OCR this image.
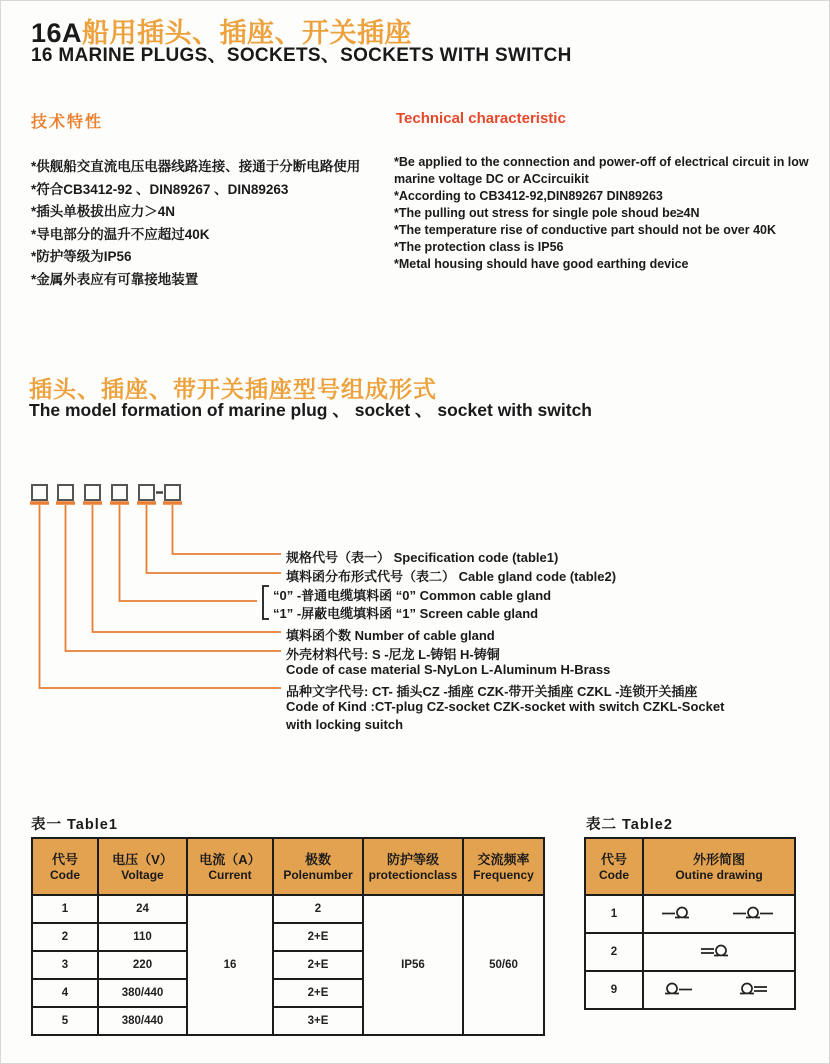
16A船用插头、插座、开关插座
16 MARINE PLUGS、SOCKETS、SOCKETS WITH SWITCH
技术特性	Technical characteristic
*供舰船交直流电压电器线路连接、接通于分断电路使用
*符合CB3412-92 、DIN89267 、DIN89263
*插头单极拔出应力＞4N
*导电部分的温升不应超过40K
*防护等级为IP56
*金属外表应有可靠接地装置
*Be applied to the connection and power-off of electrical circuit in low marine voltage DC or ACcircuikit
*According to CB3412-92,DIN89267 DIN89263
*The pulling out stress for single pole shoud be≥4N
*The temperature rise of conductive part should not be over 40K
*The protection class is IP56
*Metal housing should have good earthing device
插头、插座、带开关插座型号组成形式
The model formation of marine plug 、 socket 、 socket with switch
规格代号（表一） Specification code (table1)
填料函分布形式代号（表二） Cable gland code (table2)
“0” -普通电缆填料函 “0” Common cable gland
“1” -屏蔽电缆填料函 “1” Screen cable gland
填料函个数 Number of cable gland
外壳材料代号: S -尼龙 L-铸铝 H-铸铜
Code of case material S-NyLon L-Aluminum H-Brass
品种文字代号: CT- 插头CZ -插座 CZK-带开关插座 CZKL -连锁开关插座
Code of Kind :CT-plug CZ-socket CZK-socket with switch CZKL-Socket
with locking suitch
表一 Table1
代号
Code

电压（V）
Voltage

电流（A）
Current

极数
Polenumber

防护等级
protectionclass

交流频率
Frequency

1	24	16	2	IP56	50/60
2	110		2+E		
3	220		2+E		
4	380/440		2+E		
5	380/440		3+E		
表二 Table2
代号
Code

外形简图
Outine drawing

1	

2	

9	
